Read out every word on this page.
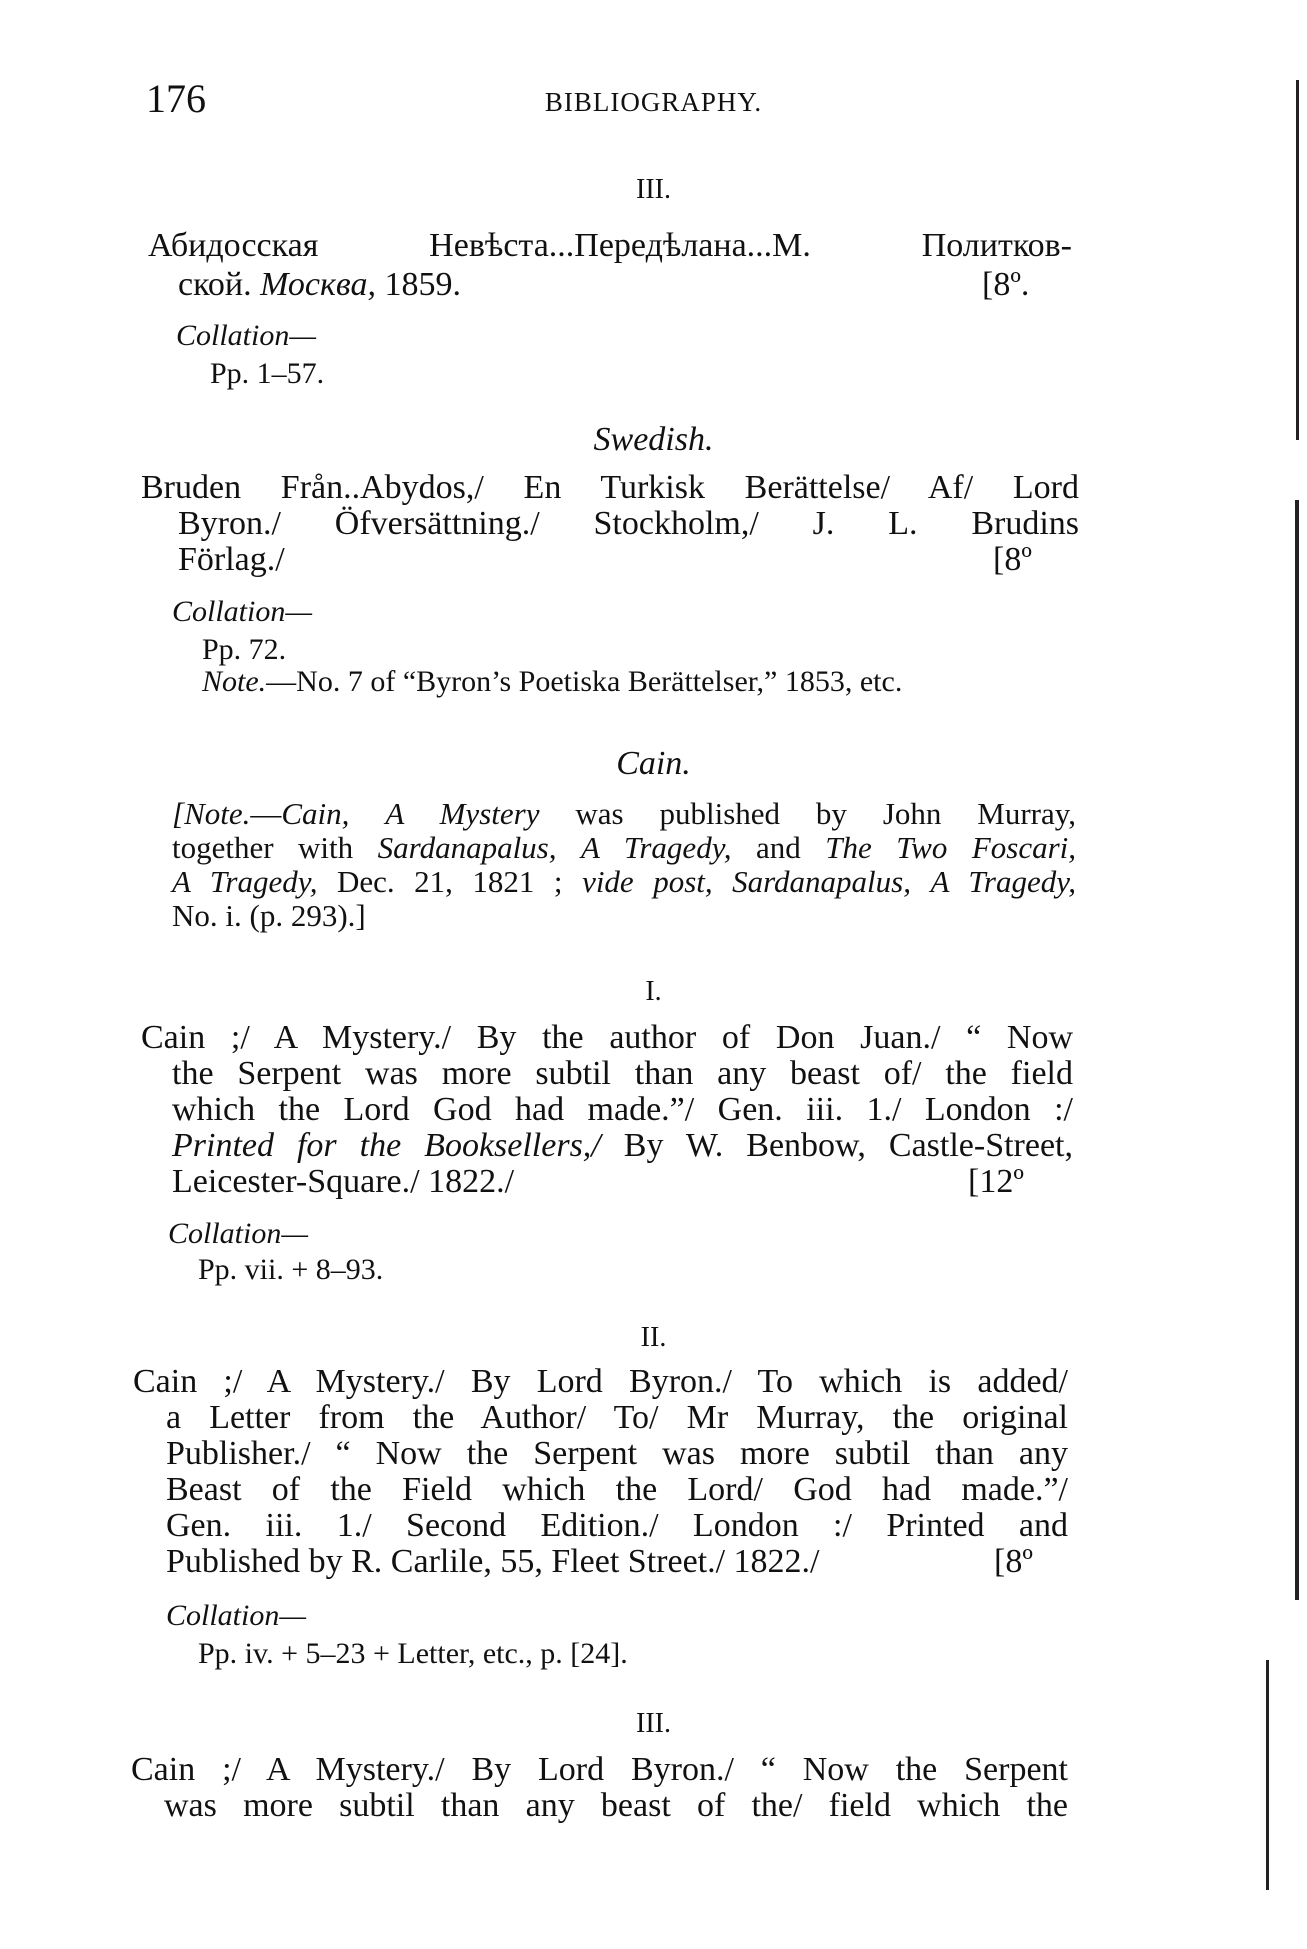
176	BIBLIOGRAPHY.
III.
Абидосская Невѣста...Передѣлана...М. Политков-
ской. Москва, 1859.	[8º.
Collation—
Pp. 1–57.
Swedish.
Bruden Från..Abydos,/ En Turkisk Berättelse/ Af/ Lord
Byron./ Öfversättning./ Stockholm,/ J. L. Brudins
Förlag./	[8º
Collation—
Pp. 72.
Note.—No. 7 of “Byron’s Poetiska Berättelser,” 1853, etc.
Cain.
[Note.—Cain, A Mystery was published by John Murray,
together with Sardanapalus, A Tragedy, and The Two Foscari,
A Tragedy, Dec. 21, 1821 ; vide post, Sardanapalus, A Tragedy,
No. i. (p. 293).]
I.
Cain ;/ A Mystery./ By the author of Don Juan./ “ Now
the Serpent was more subtil than any beast of/ the field
which the Lord God had made.”/ Gen. iii. 1./ London :/
Printed for the Booksellers,/ By W. Benbow, Castle-Street,
Leicester-Square./ 1822./	[12º
Collation—
Pp. vii. + 8–93.
II.
Cain ;/ A Mystery./ By Lord Byron./ To which is added/
a Letter from the Author/ To/ Mr Murray, the original
Publisher./ “ Now the Serpent was more subtil than any
Beast of the Field which the Lord/ God had made.”/
Gen. iii. 1./ Second Edition./ London :/ Printed and
Published by R. Carlile, 55, Fleet Street./ 1822./	[8º
Collation—
Pp. iv. + 5–23 + Letter, etc., p. [24].
III.
Cain ;/ A Mystery./ By Lord Byron./ “ Now the Serpent
was more subtil than any beast of the/ field which the
